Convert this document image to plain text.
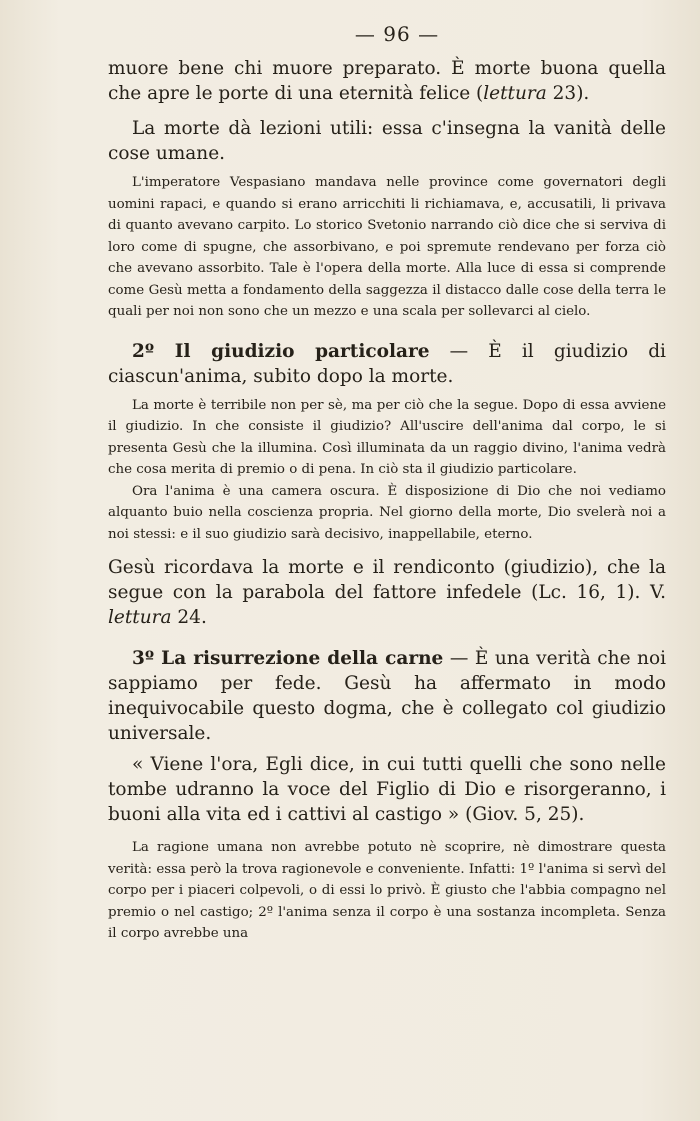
— 96 —

muore bene chi muore preparato. È morte buona quella che apre le porte di una eternità felice (lettura 23).

La morte dà lezioni utili: essa c'insegna la vanità delle cose umane.

L'imperatore Vespasiano mandava nelle province come governatori degli uomini rapaci, e quando si erano arricchiti li richiamava, e, accusatili, li privava di quanto avevano carpito. Lo storico Svetonio narrando ciò dice che si serviva di loro come di spugne, che assorbivano, e poi spremute rendevano per forza ciò che avevano assorbito. Tale è l'opera della morte. Alla luce di essa si comprende come Gesù metta a fondamento della saggezza il distacco dalle cose della terra le quali per noi non sono che un mezzo e una scala per sollevarci al cielo.

2º Il giudizio particolare — È il giudizio di ciascun'anima, subito dopo la morte.

La morte è terribile non per sè, ma per ciò che la segue. Dopo di essa avviene il giudizio. In che consiste il giudizio? All'uscire dell'anima dal corpo, le si presenta Gesù che la illumina. Così illuminata da un raggio divino, l'anima vedrà che cosa merita di premio o di pena. In ciò sta il giudizio particolare.

Ora l'anima è una camera oscura. È disposizione di Dio che noi vediamo alquanto buio nella coscienza propria. Nel giorno della morte, Dio svelerà noi a noi stessi: e il suo giudizio sarà decisivo, inappellabile, eterno.

Gesù ricordava la morte e il rendiconto (giudizio), che la segue con la parabola del fattore infedele (Lc. 16, 1). V. lettura 24.

3º La risurrezione della carne — È una verità che noi sappiamo per fede. Gesù ha affermato in modo inequivocabile questo dogma, che è collegato col giudizio universale.

« Viene l'ora, Egli dice, in cui tutti quelli che sono nelle tombe udranno la voce del Figlio di Dio e risorgeranno, i buoni alla vita ed i cattivi al castigo » (Giov. 5, 25).

La ragione umana non avrebbe potuto nè scoprire, nè dimostrare questa verità: essa però la trova ragionevole e conveniente. Infatti: 1º l'anima si servì del corpo per i piaceri colpevoli, o di essi lo privò. È giusto che l'abbia compagno nel premio o nel castigo; 2º l'anima senza il corpo è una sostanza incompleta. Senza il corpo avrebbe una
